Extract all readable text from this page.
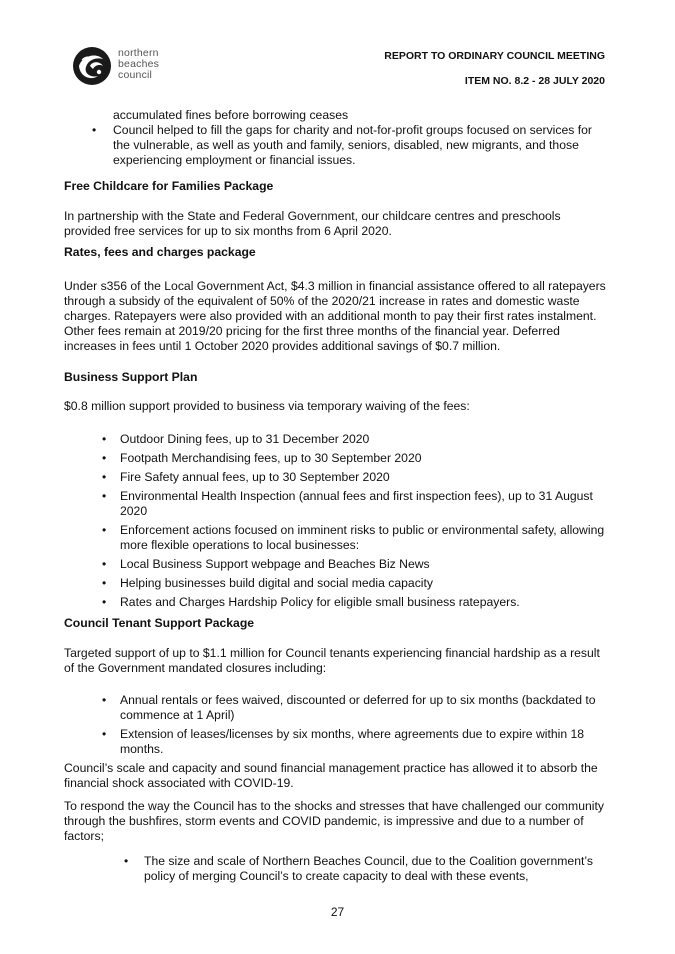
northern
beaches
council
REPORT TO ORDINARY COUNCIL MEETING
ITEM NO. 8.2 - 28 JULY 2020
accumulated fines before borrowing ceases
• Council helped to fill the gaps for charity and not-for-profit groups focused on services for the vulnerable, as well as youth and family, seniors, disabled, new migrants, and those experiencing employment or financial issues.

Free Childcare for Families Package

In partnership with the State and Federal Government, our childcare centres and preschools provided free services for up to six months from 6 April 2020.

Rates, fees and charges package

Under s356 of the Local Government Act, $4.3 million in financial assistance offered to all ratepayers through a subsidy of the equivalent of 50% of the 2020/21 increase in rates and domestic waste charges. Ratepayers were also provided with an additional month to pay their first rates instalment. Other fees remain at 2019/20 pricing for the first three months of the financial year. Deferred increases in fees until 1 October 2020 provides additional savings of $0.7 million.

Business Support Plan

$0.8 million support provided to business via temporary waiving of the fees:

• Outdoor Dining fees, up to 31 December 2020
• Footpath Merchandising fees, up to 30 September 2020
• Fire Safety annual fees, up to 30 September 2020
• Environmental Health Inspection (annual fees and first inspection fees), up to 31 August 2020
• Enforcement actions focused on imminent risks to public or environmental safety, allowing more flexible operations to local businesses:
• Local Business Support webpage and Beaches Biz News
• Helping businesses build digital and social media capacity
• Rates and Charges Hardship Policy for eligible small business ratepayers.

Council Tenant Support Package

Targeted support of up to $1.1 million for Council tenants experiencing financial hardship as a result of the Government mandated closures including:

• Annual rentals or fees waived, discounted or deferred for up to six months (backdated to commence at 1 April)
• Extension of leases/licenses by six months, where agreements due to expire within 18 months.

Council’s scale and capacity and sound financial management practice has allowed it to absorb the financial shock associated with COVID-19.

To respond the way the Council has to the shocks and stresses that have challenged our community through the bushfires, storm events and COVID pandemic, is impressive and due to a number of factors;

• The size and scale of Northern Beaches Council, due to the Coalition government’s policy of merging Council’s to create capacity to deal with these events,
27
